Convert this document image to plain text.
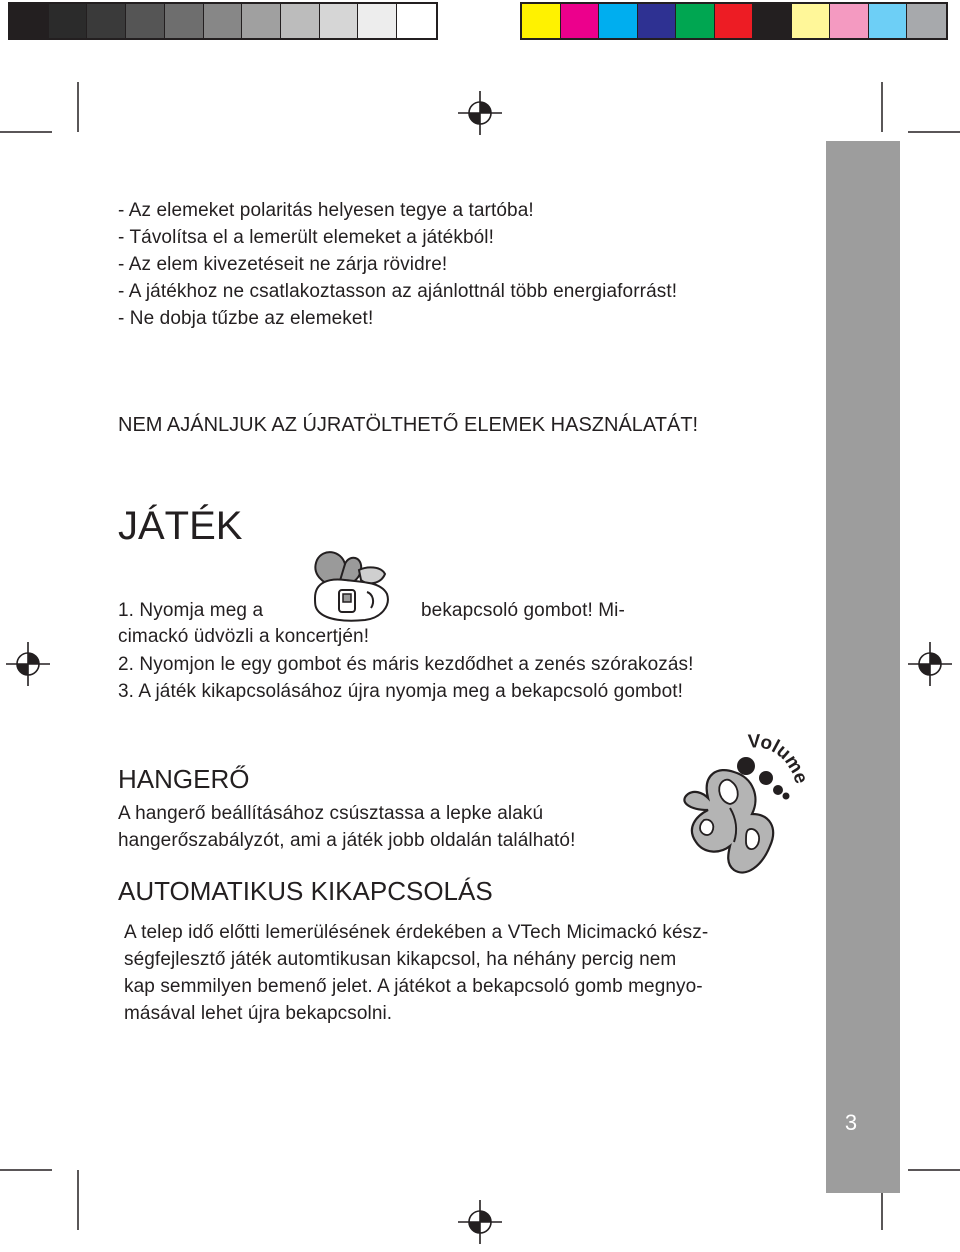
3
- Az elemeket polaritás helyesen tegye a tartóba!
- Távolítsa el a lemerült elemeket a játékból!
- Az elem kivezetéseit ne zárja rövidre!
- A játékhoz ne csatlakoztasson az ajánlottnál több energiaforrást!
- Ne dobja tűzbe az elemeket!
NEM AJÁNLJUK AZ ÚJRATÖLTHETŐ ELEMEK HASZNÁLATÁT!
JÁTÉK
1. Nyomja meg a	bekapcsoló gombot! Mi-
cimackó üdvözli a koncertjén!
2. Nyomjon le egy gombot és máris kezdődhet a zenés szórakozás!
3. A játék kikapcsolásához újra nyomja meg a bekapcsoló gombot!
HANGERŐ
A hangerő beállításához csúsztassa a lepke alakú
hangerőszabályzót, ami a játék jobb oldalán található!
Volume
AUTOMATIKUS KIKAPCSOLÁS
A telep idő előtti lemerülésének érdekében a VTech Micimackó kész-
ségfejlesztő játék automtikusan kikapcsol, ha néhány percig nem
kap semmilyen bemenő jelet. A játékot a bekapcsoló gomb megnyo-
másával lehet újra bekapcsolni.
